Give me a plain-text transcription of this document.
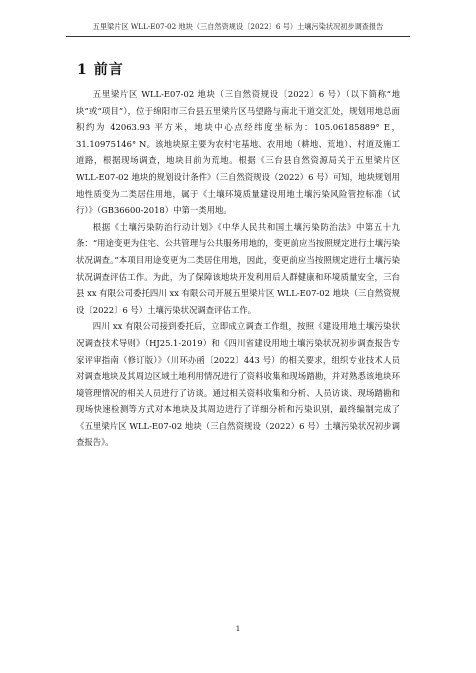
五里梁片区 WLL-E07-02 地块（三自然资规设〔2022〕6 号）土壤污染状况初步调查报告
1 前言

五里梁片区 WLL-E07-02 地块（三自然资规设〔2022〕6 号）（以下简称“地块”或“项目”），位于绵阳市三台县五里梁片区马望路与南北干道交汇处，规划用地总面积约为 42063.93 平方米，地块中心点经纬度坐标为：105.06185889° E，31.10975146° N。该地块原主要为农村宅基地、农用地（耕地、荒地）、村道及施工道路，根据现场调查，地块目前为荒地。根据《三台县自然资源局关于五里梁片区 WLL-E07-02 地块的规划设计条件》（三自然资规设（2022）6 号）可知，地块规划用地性质变为二类居住用地，属于《土壤环境质量建设用地土壤污染风险管控标准（试行）》（GB36600-2018）中第一类用地。

根据《土壤污染防治行动计划》《中华人民共和国土壤污染防治法》中第五十九条：“用途变更为住宅、公共管理与公共服务用地的，变更前应当按照规定进行土壤污染状况调查。”本项目用途变更为二类居住用地，因此，变更前应当按照规定进行土壤污染状况调查评估工作。为此，为了保障该地块开发利用后人群健康和环境质量安全，三台县 xx 有限公司委托四川 xx 有限公司开展五里梁片区 WLL-E07-02 地块（三自然资规设〔2022〕6 号）土壤污染状况调查评估工作。

四川 xx 有限公司接到委托后，立即成立调查工作组，按照《建设用地土壤污染状况调查技术导则》（HJ25.1-2019）和《四川省建设用地土壤污染状况初步调查报告专家评审指南（修订版）》（川环办函〔2022〕443 号）的相关要求，组织专业技术人员对调查地块及其周边区域土地利用情况进行了资料收集和现场踏勘，并对熟悉该地块环境管理情况的相关人员进行了访谈。通过相关资料收集和分析、人员访谈、现场踏勘和现场快速检测等方式对本地块及其周边进行了详细分析和污染识别，最终编制完成了《五里梁片区 WLL-E07-02 地块（三自然资规设（2022）6 号）土壤污染状况初步调查报告》。

1
